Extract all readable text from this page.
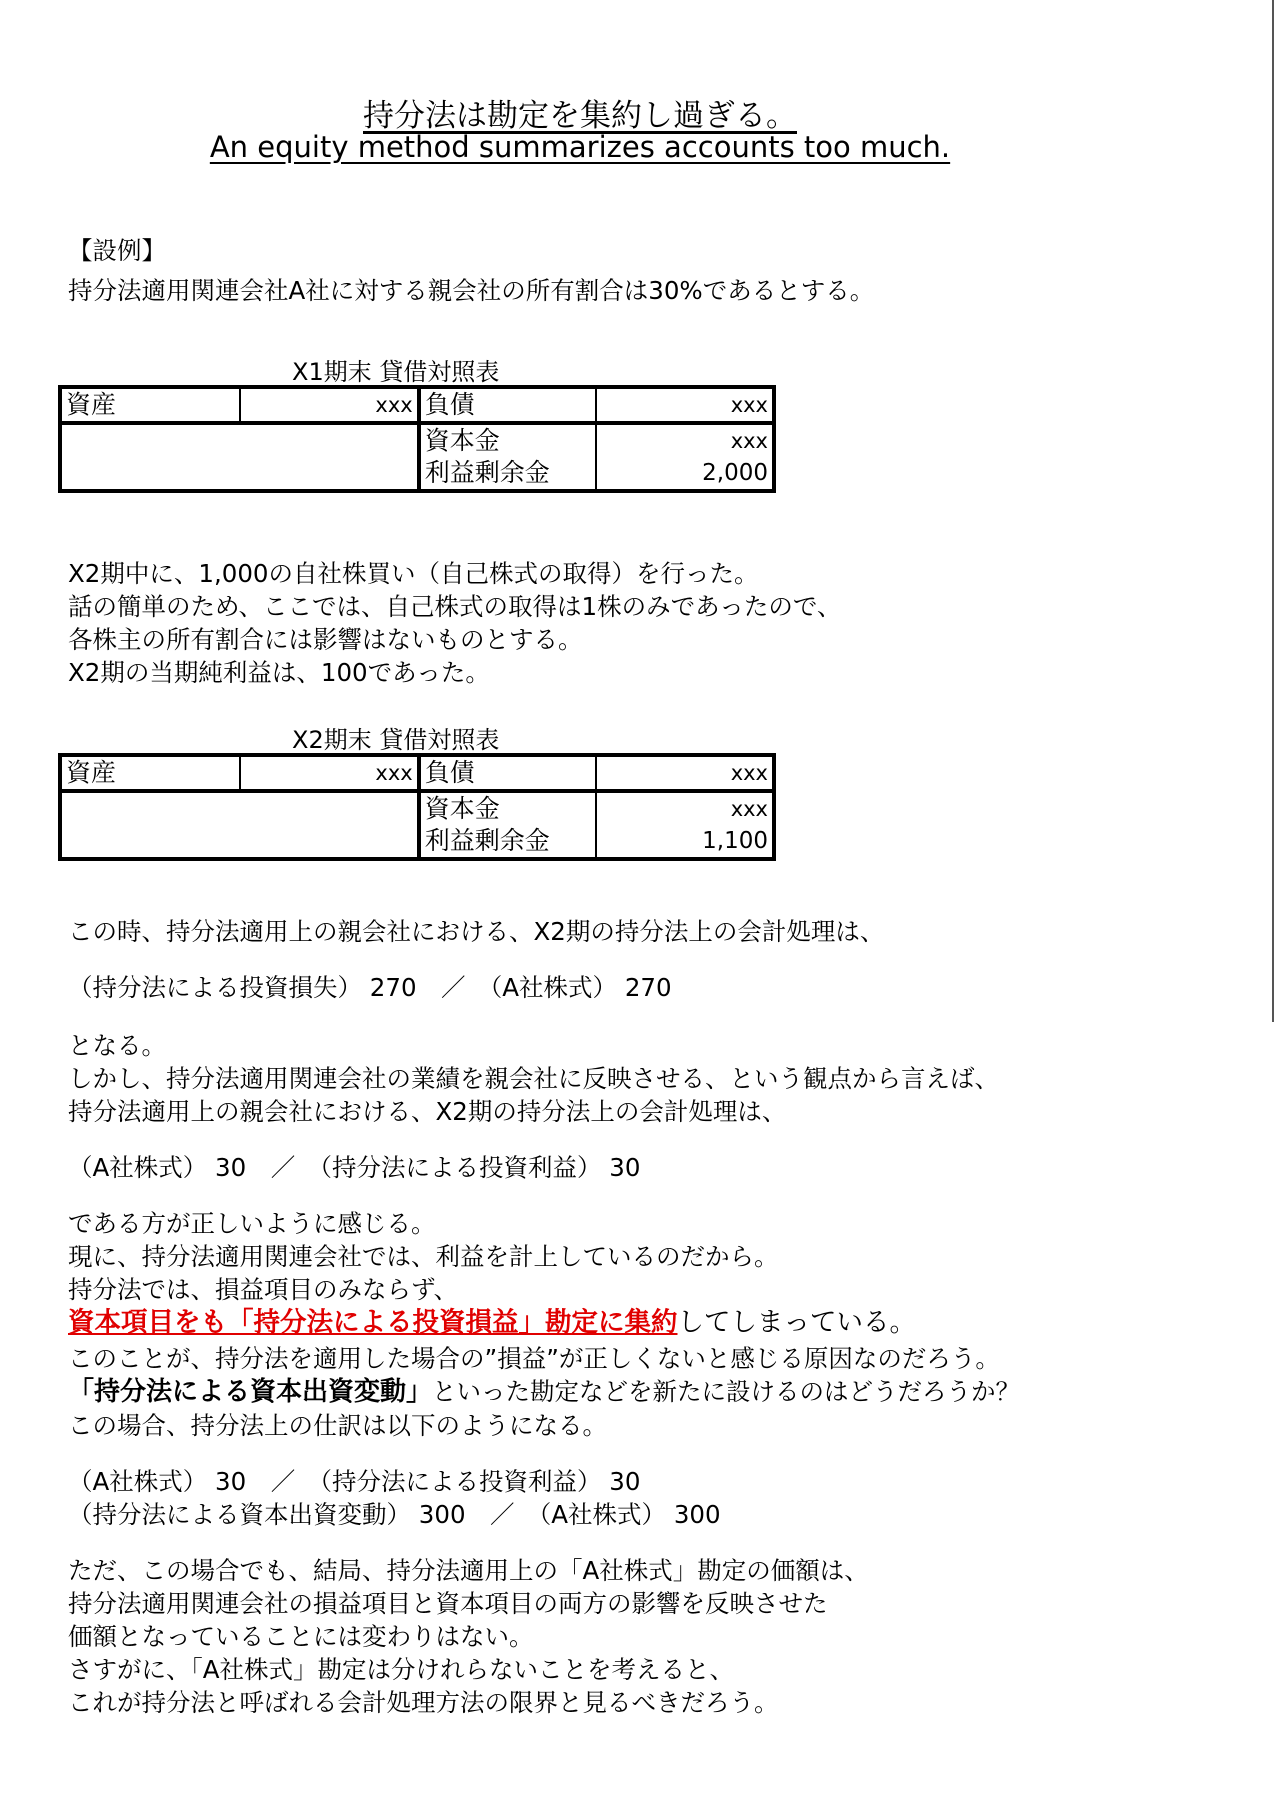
持分法は勘定を集約し過ぎる。
An equity method summarizes accounts too much.
【設例】
持分法適用関連会社A社に対する親会社の所有割合は30%であるとする。
X1期末 貸借対照表
資産	xxx	負債	xxx
		資本金	xxx
		利益剰余金	2,000
X2期中に、1,000の自社株買い（自己株式の取得）を行った。
話の簡単のため、ここでは、自己株式の取得は1株のみであったので、
各株主の所有割合には影響はないものとする。
X2期の当期純利益は、100であった。
X2期末 貸借対照表
資産	xxx	負債	xxx
		資本金	xxx
		利益剰余金	1,100
この時、持分法適用上の親会社における、X2期の持分法上の会計処理は、
（持分法による投資損失） 270　／　（A社株式） 270
となる。
しかし、持分法適用関連会社の業績を親会社に反映させる、という観点から言えば、
持分法適用上の親会社における、X2期の持分法上の会計処理は、
（A社株式） 30　／　（持分法による投資利益） 30
である方が正しいように感じる。
現に、持分法適用関連会社では、利益を計上しているのだから。
持分法では、損益項目のみならず、
資本項目をも「持分法による投資損益」勘定に集約してしまっている。
このことが、持分法を適用した場合の”損益”が正しくないと感じる原因なのだろう。
「持分法による資本出資変動」といった勘定などを新たに設けるのはどうだろうか？
この場合、持分法上の仕訳は以下のようになる。
（A社株式） 30　／　（持分法による投資利益） 30
（持分法による資本出資変動） 300　／　（A社株式） 300
ただ、この場合でも、結局、持分法適用上の「A社株式」勘定の価額は、
持分法適用関連会社の損益項目と資本項目の両方の影響を反映させた
価額となっていることには変わりはない。
さすがに、「A社株式」勘定は分けれらないことを考えると、
これが持分法と呼ばれる会計処理方法の限界と見るべきだろう。
